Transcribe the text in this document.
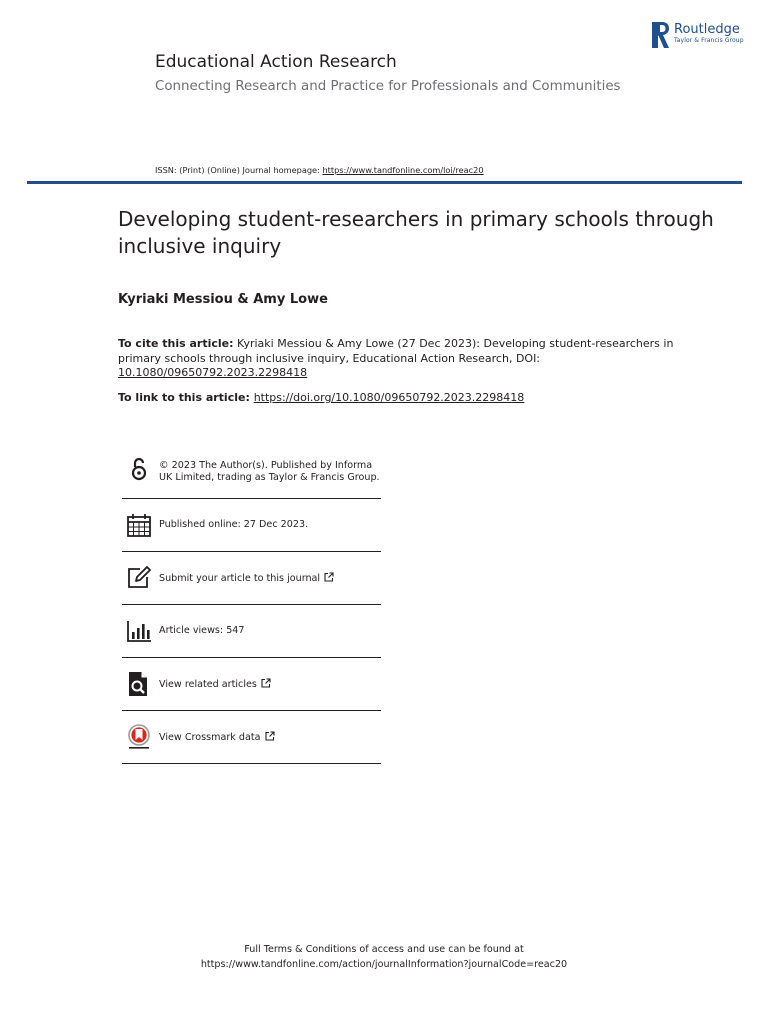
Routledge
Taylor & Francis Group
Educational Action Research
Connecting Research and Practice for Professionals and Communities
ISSN: (Print) (Online) Journal homepage: https://www.tandfonline.com/loi/reac20
Developing student-researchers in primary schools through inclusive inquiry
Kyriaki Messiou & Amy Lowe
To cite this article: Kyriaki Messiou & Amy Lowe (27 Dec 2023): Developing student-researchers in primary schools through inclusive inquiry, Educational Action Research, DOI: 10.1080/09650792.2023.2298418
To link to this article: https://doi.org/10.1080/09650792.2023.2298418
© 2023 The Author(s). Published by Informa UK Limited, trading as Taylor & Francis Group.
Published online: 27 Dec 2023.
Submit your article to this journal
Article views: 547
View related articles
View Crossmark data
Full Terms & Conditions of access and use can be found at
https://www.tandfonline.com/action/journalInformation?journalCode=reac20
